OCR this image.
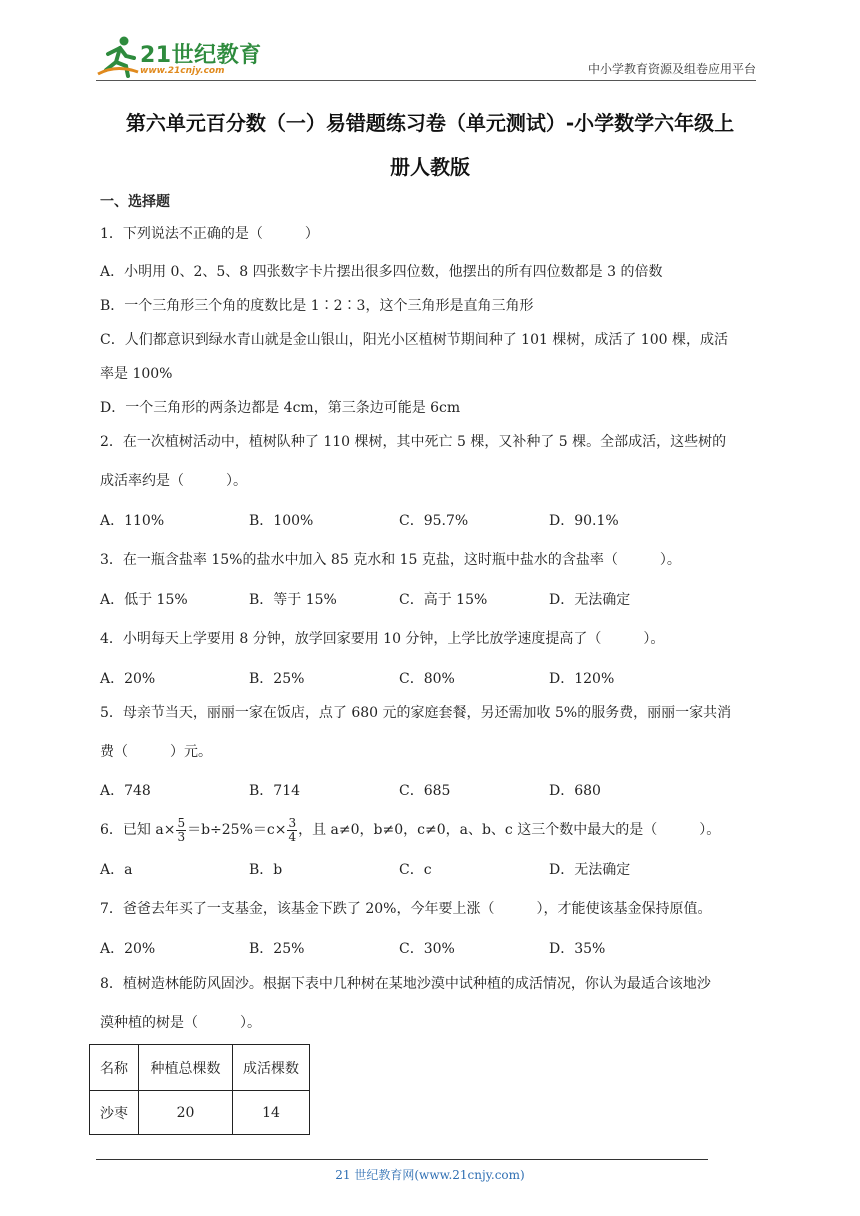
21世纪教育
www.21cnjy.com	中小学教育资源及组卷应用平台
第六单元百分数（一）易错题练习卷（单元测试）-小学数学六年级上
册人教版
一、选择题
1．下列说法不正确的是（　　　）
A．小明用 0、2、5、8 四张数字卡片摆出很多四位数，他摆出的所有四位数都是 3 的倍数
B．一个三角形三个角的度数比是 1∶2∶3，这个三角形是直角三角形
C．人们都意识到绿水青山就是金山银山，阳光小区植树节期间种了 101 棵树，成活了 100 棵，成活
率是 100%
D．一个三角形的两条边都是 4cm，第三条边可能是 6cm
2．在一次植树活动中，植树队种了 110 棵树，其中死亡 5 棵，又补种了 5 棵。全部成活，这些树的
成活率约是（　　　）。
A．110%	B．100%	C．95.7%	D．90.1%
3．在一瓶含盐率 15%的盐水中加入 85 克水和 15 克盐，这时瓶中盐水的含盐率（　　　）。
A．低于 15%	B．等于 15%	C．高于 15%	D．无法确定
4．小明每天上学要用 8 分钟，放学回家要用 10 分钟，上学比放学速度提高了（　　　）。
A．20%	B．25%	C．80%	D．120%
5．母亲节当天，丽丽一家在饭店，点了 680 元的家庭套餐，另还需加收 5%的服务费，丽丽一家共消
费（　　　）元。
A．748	B．714	C．685	D．680
6．已知 $a\times \frac{5}{3} =b\div 25\%=c\times \frac{3}{4}$ ，且 a≠0，b≠0，c≠0，a、b、c 这三个数中最大的是（　　　）。
A．a	B．b	C．c	D．无法确定
7．爸爸去年买了一支基金，该基金下跌了 20%，今年要上涨（　　　），才能使该基金保持原值。
A．20%	B．25%	C．30%	D．35%
8．植树造林能防风固沙。根据下表中几种树在某地沙漠中试种植的成活情况，你认为最适合该地沙
漠种植的树是（　　　）。
名称	种植总棵数	成活棵数
沙枣	20	14
21 世纪教育网(www.21cnjy.com)
